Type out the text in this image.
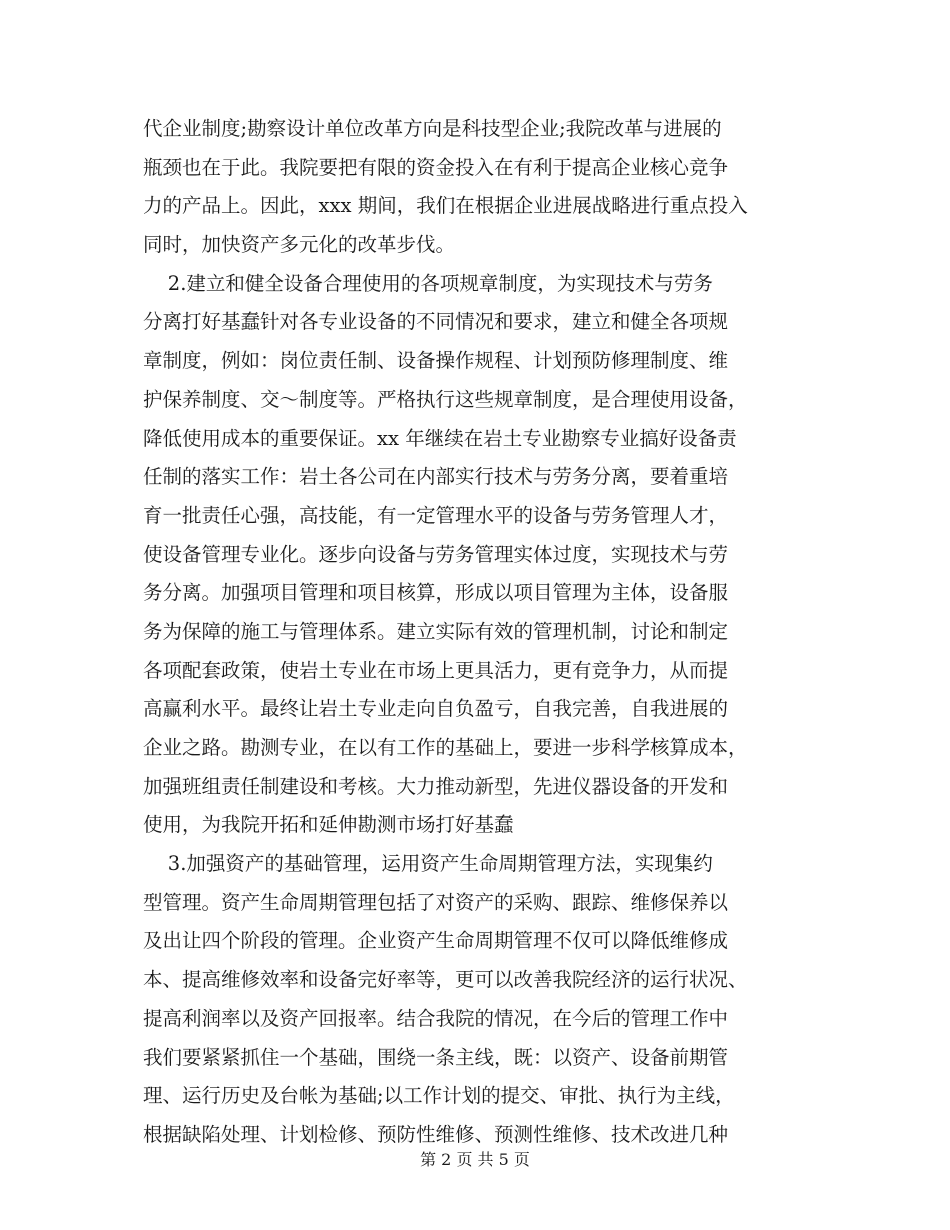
代企业制度;勘察设计单位改革方向是科技型企业;我院改革与进展的
瓶颈也在于此。我院要把有限的资金投入在有利于提高企业核心竞争
力的产品上。因此，xxx 期间，我们在根据企业进展战略进行重点投入
同时，加快资产多元化的改革步伐。
2.建立和健全设备合理使用的各项规章制度，为实现技术与劳务
分离打好基蠢针对各专业设备的不同情况和要求，建立和健全各项规
章制度，例如：岗位责任制、设备操作规程、计划预防修理制度、维
护保养制度、交～制度等。严格执行这些规章制度，是合理使用设备，
降低使用成本的重要保证。xx 年继续在岩土专业勘察专业搞好设备责
任制的落实工作：岩土各公司在内部实行技术与劳务分离，要着重培
育一批责任心强，高技能，有一定管理水平的设备与劳务管理人才，
使设备管理专业化。逐步向设备与劳务管理实体过度，实现技术与劳
务分离。加强项目管理和项目核算，形成以项目管理为主体，设备服
务为保障的施工与管理体系。建立实际有效的管理机制，讨论和制定
各项配套政策，使岩土专业在市场上更具活力，更有竞争力，从而提
高赢利水平。最终让岩土专业走向自负盈亏，自我完善，自我进展的
企业之路。勘测专业，在以有工作的基础上，要进一步科学核算成本，
加强班组责任制建设和考核。大力推动新型，先进仪器设备的开发和
使用，为我院开拓和延伸勘测市场打好基蠢
3.加强资产的基础管理，运用资产生命周期管理方法，实现集约
型管理。资产生命周期管理包括了对资产的采购、跟踪、维修保养以
及出让四个阶段的管理。企业资产生命周期管理不仅可以降低维修成
本、提高维修效率和设备完好率等，更可以改善我院经济的运行状况、
提高利润率以及资产回报率。结合我院的情况，在今后的管理工作中
我们要紧紧抓住一个基础，围绕一条主线，既：以资产、设备前期管
理、运行历史及台帐为基础;以工作计划的提交、审批、执行为主线，
根据缺陷处理、计划检修、预防性维修、预测性维修、技术改进几种
第 2 页 共 5 页
